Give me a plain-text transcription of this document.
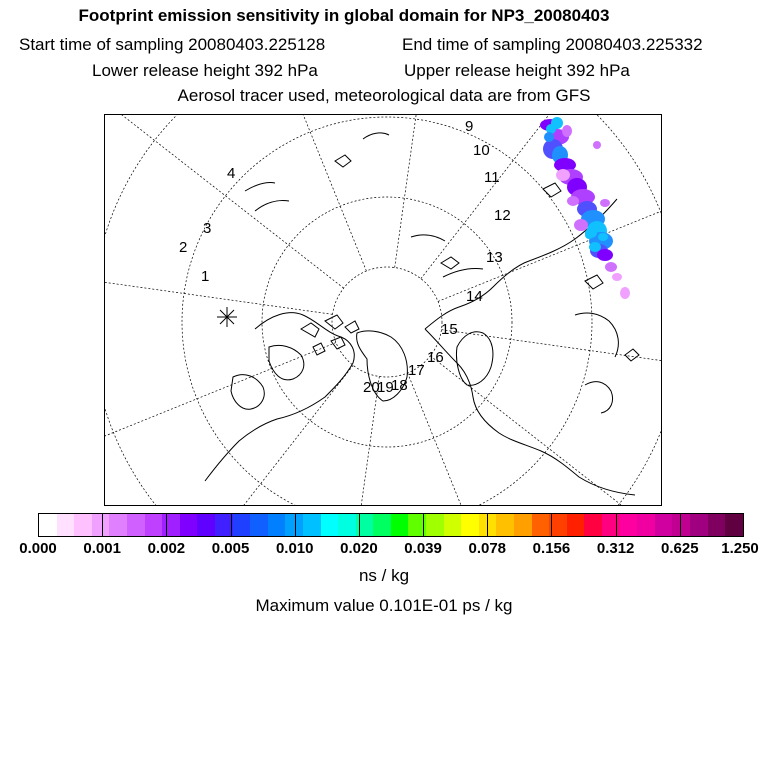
Footprint emission sensitivity in global domain for NP3_20080403
Start time of sampling 20080403.225128	End time of sampling 20080403.225332
Lower release height 392 hPa	Upper release height 392 hPa
Aerosol tracer used, meteorological data are from GFS
1
2
3
4
9
10
11
12
13
14
15
16
17
18
19
20
0.000 0.001 0.002 0.005 0.010 0.020 0.039 0.078 0.156 0.312 0.625 1.250
ns / kg
Maximum value 0.101E-01 ps / kg
